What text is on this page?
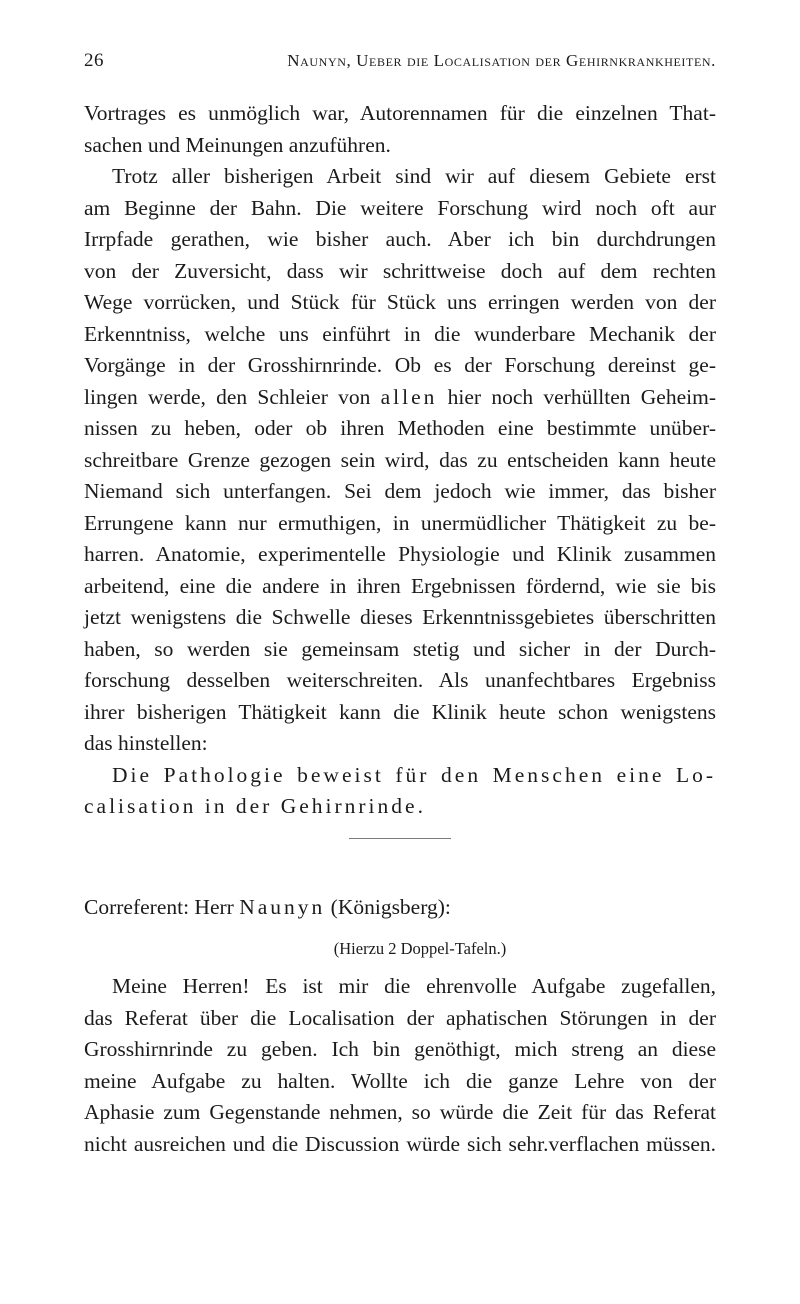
26	Naunyn, Ueber die Localisation der Gehirnkrankheiten.
Vortrages es unmöglich war, Autorennamen für die einzelnen That-
sachen und Meinungen anzuführen.
Trotz aller bisherigen Arbeit sind wir auf diesem Gebiete erst
am Beginne der Bahn. Die weitere Forschung wird noch oft aur
Irrpfade gerathen, wie bisher auch. Aber ich bin durchdrungen
von der Zuversicht, dass wir schrittweise doch auf dem rechten
Wege vorrücken, und Stück für Stück uns erringen werden von der
Erkenntniss, welche uns einführt in die wunderbare Mechanik der
Vorgänge in der Grosshirnrinde. Ob es der Forschung dereinst ge-
lingen werde, den Schleier von allen hier noch verhüllten Geheim-
nissen zu heben, oder ob ihren Methoden eine bestimmte unüber-
schreitbare Grenze gezogen sein wird, das zu entscheiden kann heute
Niemand sich unterfangen. Sei dem jedoch wie immer, das bisher
Errungene kann nur ermuthigen, in unermüdlicher Thätigkeit zu be-
harren. Anatomie, experimentelle Physiologie und Klinik zusammen
arbeitend, eine die andere in ihren Ergebnissen fördernd, wie sie bis
jetzt wenigstens die Schwelle dieses Erkenntnissgebietes überschritten
haben, so werden sie gemeinsam stetig und sicher in der Durch-
forschung desselben weiterschreiten. Als unanfechtbares Ergebniss
ihrer bisherigen Thätigkeit kann die Klinik heute schon wenigstens
das hinstellen:
Die Pathologie beweist für den Menschen eine Lo-
calisation in der Gehirnrinde.
Correferent: Herr Naunyn (Königsberg):
(Hierzu 2 Doppel-Tafeln.)
Meine Herren! Es ist mir die ehrenvolle Aufgabe zugefallen,
das Referat über die Localisation der aphatischen Störungen in der
Grosshirnrinde zu geben. Ich bin genöthigt, mich streng an diese
meine Aufgabe zu halten. Wollte ich die ganze Lehre von der
Aphasie zum Gegenstande nehmen, so würde die Zeit für das Referat
nicht ausreichen und die Discussion würde sich sehr.verflachen müssen.
